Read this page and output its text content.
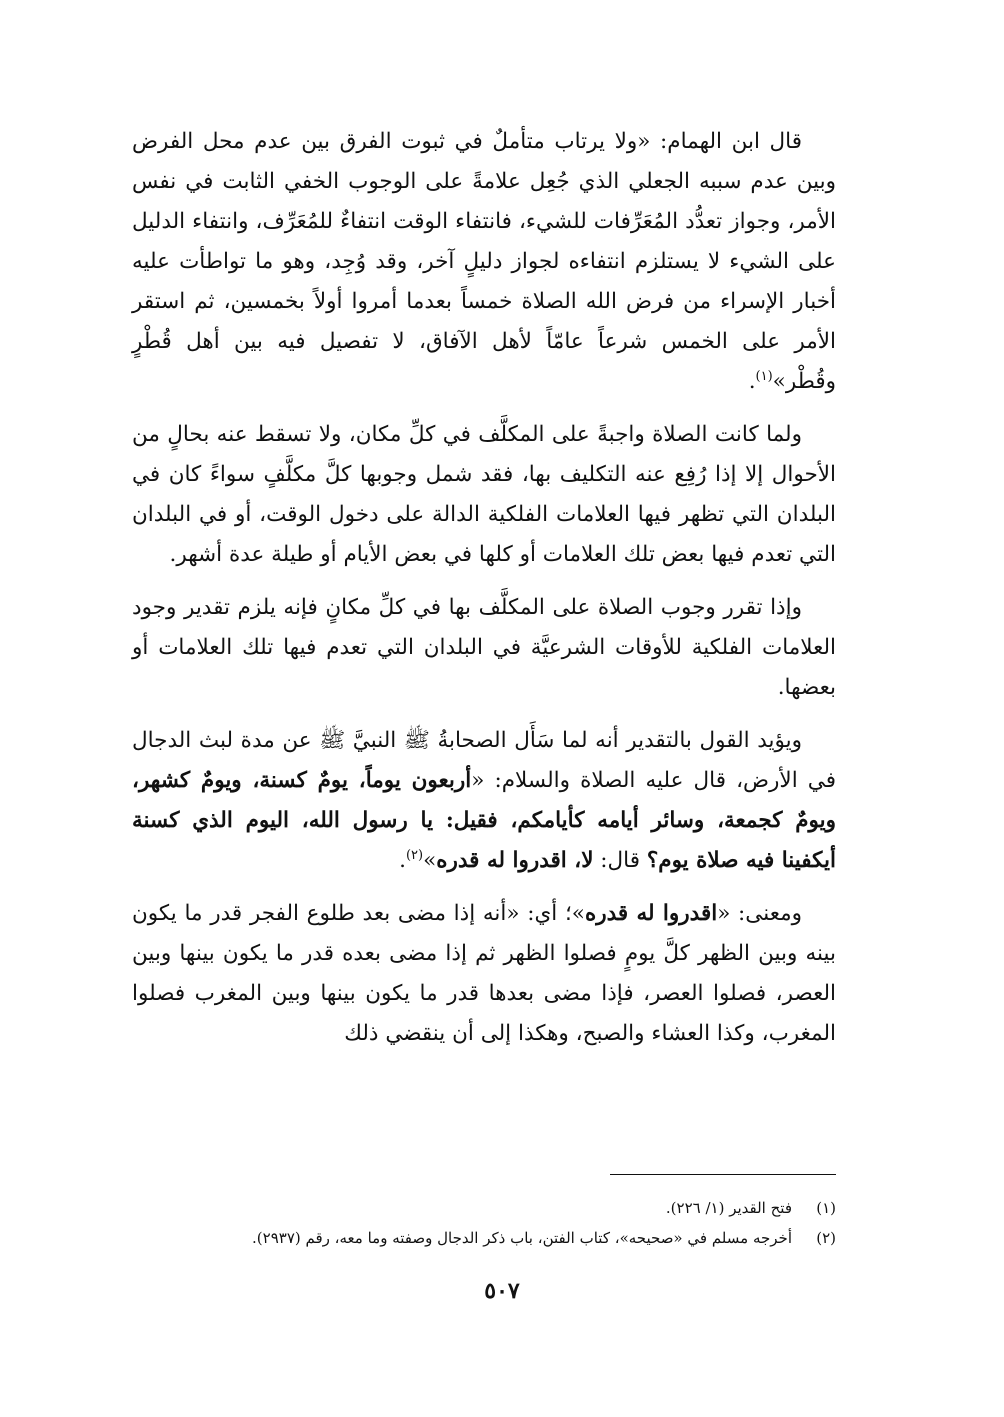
قال ابن الهمام: «ولا يرتاب متأملٌ في ثبوت الفرق بين عدم محل الفرض وبين عدم سببه الجعلي الذي جُعِل علامةً على الوجوب الخفي الثابت في نفس الأمر، وجواز تعدُّد المُعَرِّفات للشيء، فانتفاء الوقت انتفاءٌ للمُعَرِّف، وانتفاء الدليل على الشيء لا يستلزم انتفاءه لجواز دليلٍ آخر، وقد وُجِد، وهو ما تواطأت عليه أخبار الإسراء من فرض الله الصلاة خمساً بعدما أمروا أولاً بخمسين، ثم استقر الأمر على الخمس شرعاً عامّاً لأهل الآفاق، لا تفصيل فيه بين أهل قُطْرٍ وقُطْر»$^{(١)}$.

ولما كانت الصلاة واجبةً على المكلَّف في كلِّ مكان، ولا تسقط عنه بحالٍ من الأحوال إلا إذا رُفِع عنه التكليف بها، فقد شمل وجوبها كلَّ مكلَّفٍ سواءً كان في البلدان التي تظهر فيها العلامات الفلكية الدالة على دخول الوقت، أو في البلدان التي تعدم فيها بعض تلك العلامات أو كلها في بعض الأيام أو طيلة عدة أشهر.

وإذا تقرر وجوب الصلاة على المكلَّف بها في كلِّ مكانٍ فإنه يلزم تقدير وجود العلامات الفلكية للأوقات الشرعيَّة في البلدان التي تعدم فيها تلك العلامات أو بعضها.

ويؤيد القول بالتقدير أنه لما سَأَل الصحابةُ ﷺ النبيَّ ﷺ عن مدة لبث الدجال في الأرض، قال عليه الصلاة والسلام: «أربعون يوماً، يومٌ كسنة، ويومٌ كشهر، ويومٌ كجمعة، وسائر أيامه كأيامكم، فقيل: يا رسول الله، اليوم الذي كسنة أيكفينا فيه صلاة يوم؟ قال: لا، اقدروا له قدره»$^{(٢)}$.

ومعنى: «اقدروا له قدره»؛ أي: «أنه إذا مضى بعد طلوع الفجر قدر ما يكون بينه وبين الظهر كلَّ يومٍ فصلوا الظهر ثم إذا مضى بعده قدر ما يكون بينها وبين العصر، فصلوا العصر، فإذا مضى بعدها قدر ما يكون بينها وبين المغرب فصلوا المغرب، وكذا العشاء والصبح، وهكذا إلى أن ينقضي ذلك

(١)فتح القدير (١/ ٢٢٦).
(٢)أخرجه مسلم في «صحيحه»، كتاب الفتن، باب ذكر الدجال وصفته وما معه، رقم (٢٩٣٧).
٥٠٧
